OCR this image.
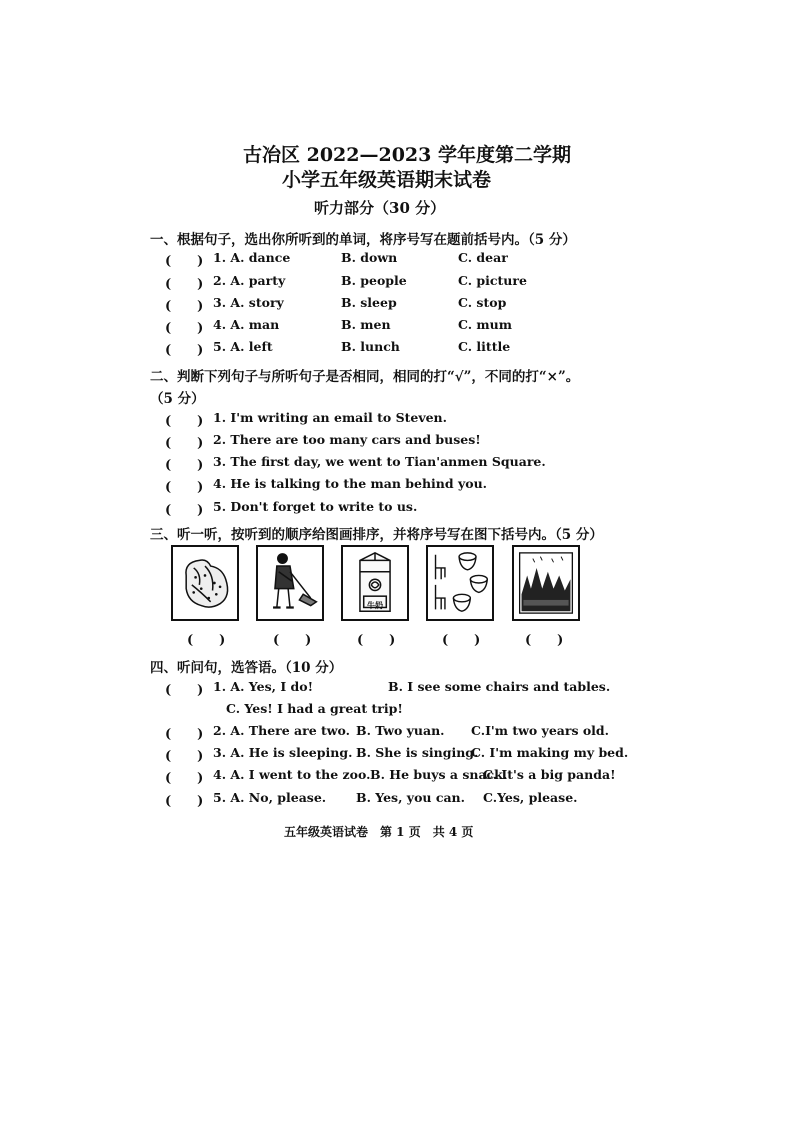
古冶区 2022—2023 学年度第二学期
小学五年级英语期末试卷
听力部分（30 分）
一、根据句子，选出你所听到的单词，将序号写在题前括号内。（5 分）
(　　) 1. A. dance	B. down	C. dear
(　　) 2. A. party	B. people	C. picture
(　　) 3. A. story	B. sleep	C. stop
(　　) 4. A. man	B. men	C. mum
(　　) 5. A. left	B. lunch	C. little
二、判断下列句子与所听句子是否相同，相同的打“√”，不同的打“×”。
（5 分）
(　　) 1. I'm writing an email to Steven.
(　　) 2. There are too many cars and buses!
(　　) 3. The first day, we went to Tian'anmen Square.
(　　) 4. He is talking to the man behind you.
(　　) 5. Don't forget to write to us.
三、听一听，按听到的顺序给图画排序，并将序号写在图下括号内。（5 分）
牛奶
(　　)	(　　)	(　　)	(　　)	(　　)
四、听问句，选答语。（10 分）
(　　) 1. A. Yes, I do!	B. I see some chairs and tables.
C. Yes! I had a great trip!
(　　) 2. A. There are two. B. Two yuan. C.I'm two years old.
(　　) 3. A. He is sleeping. B. She is singing.
C. I'm making my bed.
(　　) 4. A. I went to the zoo. B. He buys a snack.
C. It's a big panda!
(　　) 5. A. No, please. B. Yes, you can. C.Yes, please.
五年级英语试卷　第 1 页　共 4 页
